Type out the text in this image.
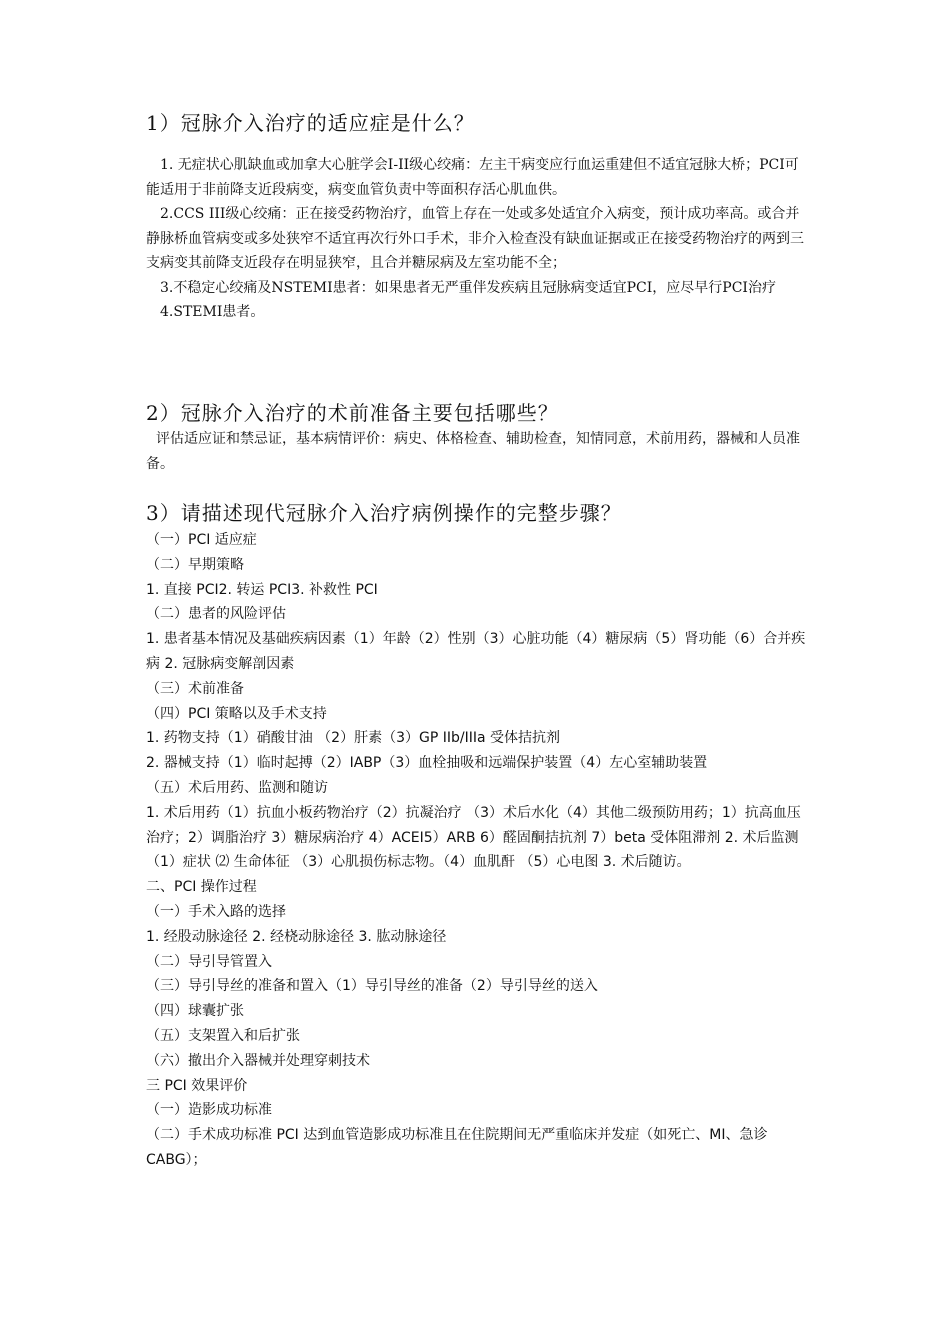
1）冠脉介入治疗的适应症是什么？

1. 无症状心肌缺血或加拿大心脏学会I-II级心绞痛：左主干病变应行血运重建但不适宜冠脉大桥；PCI可能适用于非前降支近段病变，病变血管负责中等面积存活心肌血供。

2.CCS III级心绞痛：正在接受药物治疗，血管上存在一处或多处适宜介入病变，预计成功率高。或合并静脉桥血管病变或多处狭窄不适宜再次行外口手术，非介入检查没有缺血证据或正在接受药物治疗的两到三支病变其前降支近段存在明显狭窄，且合并糖尿病及左室功能不全；

3.不稳定心绞痛及NSTEMI患者：如果患者无严重伴发疾病且冠脉病变适宜PCI，应尽早行PCI治疗

4.STEMI患者。

2）冠脉介入治疗的术前准备主要包括哪些？

评估适应证和禁忌证，基本病情评价：病史、体格检查、辅助检查，知情同意，术前用药，器械和人员准备。

3）请描述现代冠脉介入治疗病例操作的完整步骤？

（一）PCI 适应症

（二）早期策略

1. 直接 PCI2. 转运 PCI3. 补救性 PCI

（二）患者的风险评估

1. 患者基本情况及基础疾病因素（1）年龄（2）性别（3）心脏功能（4）糖尿病（5）肾功能（6）合并疾病 2. 冠脉病变解剖因素

（三）术前准备

（四）PCI 策略以及手术支持

1. 药物支持（1）硝酸甘油 （2）肝素（3）GP IIb/IIIa 受体拮抗剂

2. 器械支持（1）临时起搏（2）IABP（3）血栓抽吸和远端保护装置（4）左心室辅助装置

（五）术后用药、监测和随访

1. 术后用药（1）抗血小板药物治疗（2）抗凝治疗 （3）术后水化（4）其他二级预防用药；1）抗高血压治疗；2）调脂治疗 3）糖尿病治疗 4）ACEI5）ARB 6）醛固酮拮抗剂 7）beta 受体阻滞剂 2. 术后监测（1）症状 ⑵ 生命体征 （3）心肌损伤标志物。（4）血肌酐 （5）心电图 3. 术后随访。

二、PCI 操作过程

（一）手术入路的选择

1. 经股动脉途径 2. 经桡动脉途径 3. 肱动脉途径

（二）导引导管置入

（三）导引导丝的准备和置入（1）导引导丝的准备（2）导引导丝的送入

（四）球囊扩张

（五）支架置入和后扩张

（六）撤出介入器械并处理穿刺技术

三 PCI 效果评价

（一）造影成功标准

（二）手术成功标准 PCI 达到血管造影成功标准且在住院期间无严重临床并发症（如死亡、MI、急诊 CABG）；
